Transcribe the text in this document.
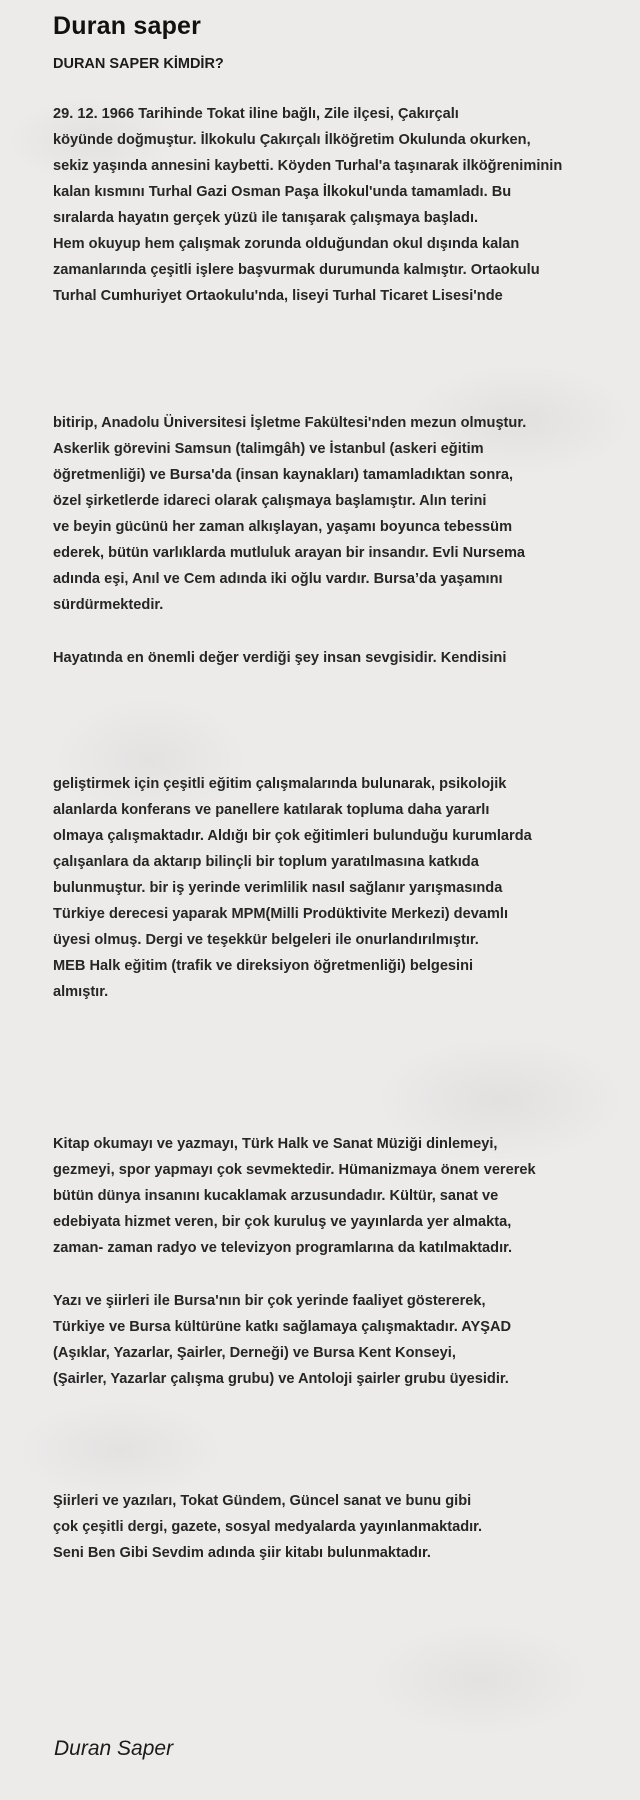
Duran saper
DURAN SAPER KİMDİR?

29. 12. 1966 Tarihinde Tokat iline bağlı, Zile ilçesi, Çakırçalı
köyünde doğmuştur. İlkokulu Çakırçalı İlköğretim Okulunda okurken,
sekiz yaşında annesini kaybetti. Köyden Turhal'a taşınarak ilköğreniminin
kalan kısmını Turhal Gazi Osman Paşa İlkokul'unda tamamladı. Bu
sıralarda hayatın gerçek yüzü ile tanışarak çalışmaya başladı.
Hem okuyup hem çalışmak zorunda olduğundan okul dışında kalan
zamanlarında çeşitli işlere başvurmak durumunda kalmıştır. Ortaokulu
Turhal Cumhuriyet Ortaokulu'nda, liseyi Turhal Ticaret Lisesi'nde

bitirip, Anadolu Üniversitesi İşletme Fakültesi'nden mezun olmuştur.
Askerlik görevini Samsun (talimgâh) ve İstanbul (askeri eğitim
öğretmenliği) ve Bursa'da (insan kaynakları) tamamladıktan sonra,
özel şirketlerde idareci olarak çalışmaya başlamıştır. Alın terini
ve beyin gücünü her zaman alkışlayan, yaşamı boyunca tebessüm
ederek, bütün varlıklarda mutluluk arayan bir insandır. Evli Nursema
adında eşi, Anıl ve Cem adında iki oğlu vardır. Bursa’da yaşamını
sürdürmektedir.

Hayatında en önemli değer verdiği şey insan sevgisidir. Kendisini

geliştirmek için çeşitli eğitim çalışmalarında bulunarak, psikolojik
alanlarda konferans ve panellere katılarak topluma daha yararlı
olmaya çalışmaktadır. Aldığı bir çok eğitimleri bulunduğu kurumlarda
çalışanlara da aktarıp bilinçli bir toplum yaratılmasına katkıda
bulunmuştur. bir iş yerinde verimlilik nasıl sağlanır yarışmasında
Türkiye derecesi yaparak MPM(Milli Prodüktivite Merkezi) devamlı
üyesi olmuş. Dergi ve teşekkür belgeleri ile onurlandırılmıştır.
MEB Halk eğitim (trafik ve direksiyon öğretmenliği) belgesini
almıştır.

Kitap okumayı ve yazmayı, Türk Halk ve Sanat Müziği dinlemeyi,
gezmeyi, spor yapmayı çok sevmektedir. Hümanizmaya önem vererek
bütün dünya insanını kucaklamak arzusundadır. Kültür, sanat ve
edebiyata hizmet veren, bir çok kuruluş ve yayınlarda yer almakta,
zaman- zaman radyo ve televizyon programlarına da katılmaktadır.

Yazı ve şiirleri ile Bursa'nın bir çok yerinde faaliyet göstererek,
Türkiye ve Bursa kültürüne katkı sağlamaya çalışmaktadır. AYŞAD
(Aşıklar, Yazarlar, Şairler, Derneği) ve Bursa Kent Konseyi,
(Şairler, Yazarlar çalışma grubu) ve Antoloji şairler grubu üyesidir.

Şiirleri ve yazıları, Tokat Gündem, Güncel sanat ve bunu gibi
çok çeşitli dergi, gazete, sosyal medyalarda yayınlanmaktadır.
Seni Ben Gibi Sevdim adında şiir kitabı bulunmaktadır.

Duran Saper
